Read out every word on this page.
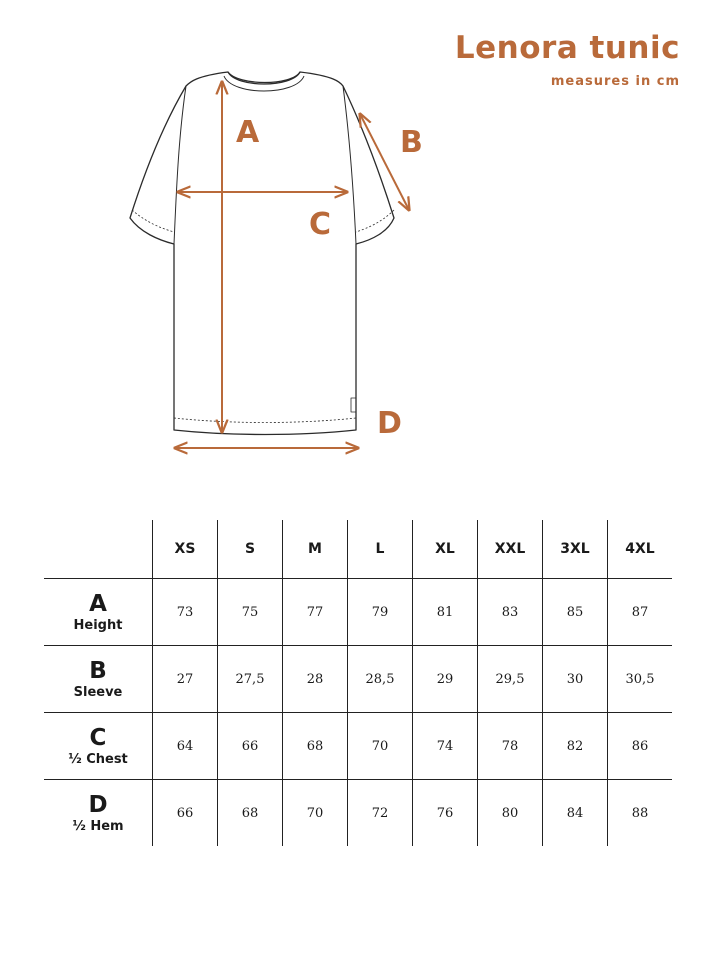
Lenora tunic
measures in cm
A	B
C
D
	XS	S	M	L	XL	XXL	3XL	4XL

A
Height	73	75	77	79	81	83	85	87

B
Sleeve	27	27,5	28	28,5	29	29,5	30	30,5

C
½ Chest	64	66	68	70	74	78	82	86

D
½ Hem	66	68	70	72	76	80	84	88
